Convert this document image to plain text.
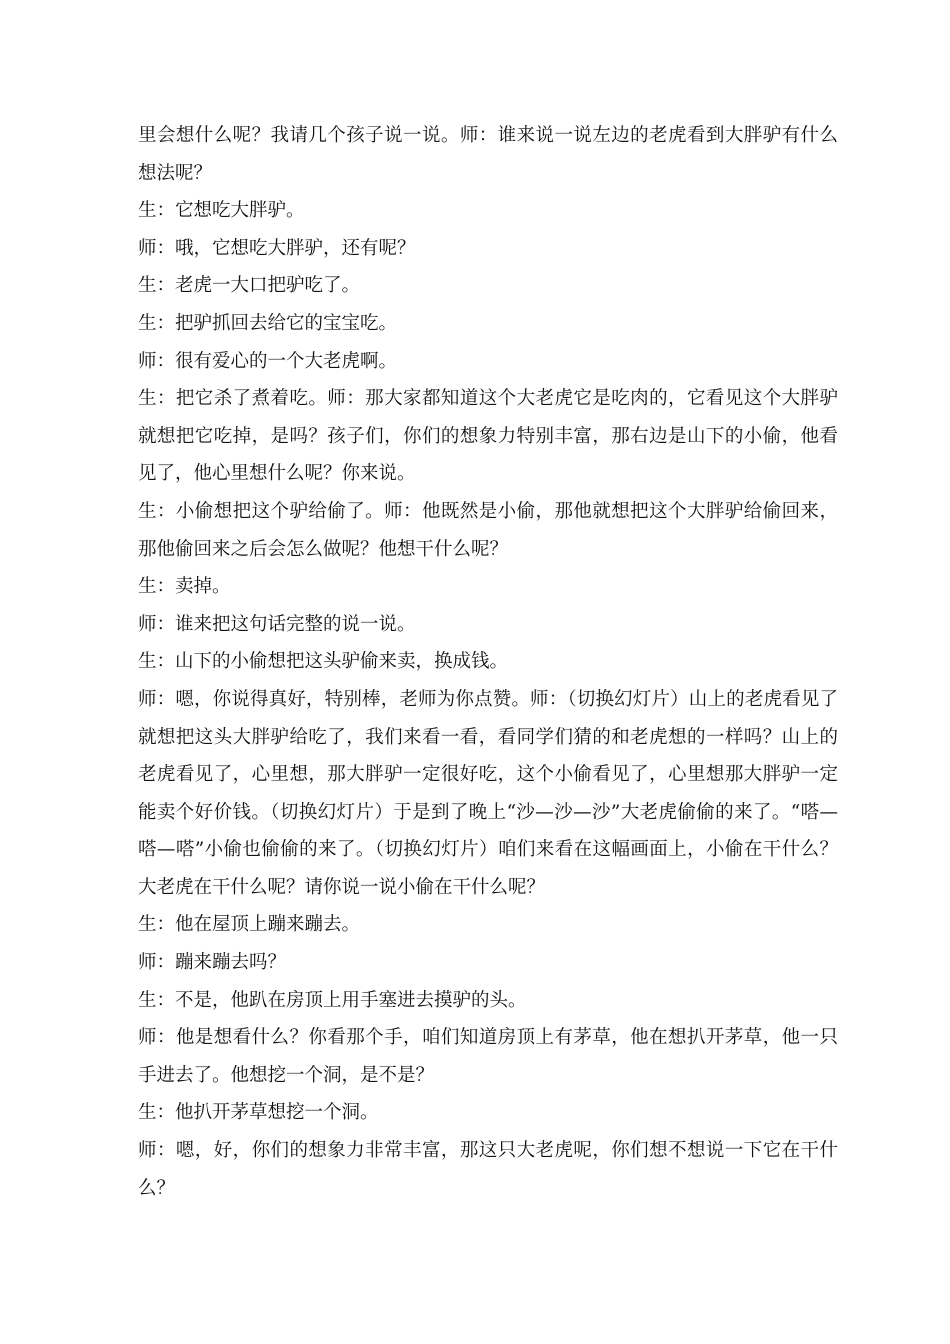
里会想什么呢？我请几个孩子说一说。师：谁来说一说左边的老虎看到大胖驴有什么想法呢？

生：它想吃大胖驴。

师：哦，它想吃大胖驴，还有呢？

生：老虎一大口把驴吃了。

生：把驴抓回去给它的宝宝吃。

师：很有爱心的一个大老虎啊。

生：把它杀了煮着吃。师：那大家都知道这个大老虎它是吃肉的，它看见这个大胖驴就想把它吃掉，是吗？孩子们，你们的想象力特别丰富，那右边是山下的小偷，他看见了，他心里想什么呢？你来说。

生：小偷想把这个驴给偷了。师：他既然是小偷，那他就想把这个大胖驴给偷回来，那他偷回来之后会怎么做呢？他想干什么呢？

生：卖掉。

师：谁来把这句话完整的说一说。

生：山下的小偷想把这头驴偷来卖，换成钱。

师：嗯，你说得真好，特别棒，老师为你点赞。师：（切换幻灯片）山上的老虎看见了就想把这头大胖驴给吃了，我们来看一看，看同学们猜的和老虎想的一样吗？山上的老虎看见了，心里想，那大胖驴一定很好吃，这个小偷看见了，心里想那大胖驴一定能卖个好价钱。（切换幻灯片）于是到了晚上“沙—沙—沙”大老虎偷偷的来了。“嗒—嗒—嗒”小偷也偷偷的来了。（切换幻灯片）咱们来看在这幅画面上，小偷在干什么？大老虎在干什么呢？请你说一说小偷在干什么呢？

生：他在屋顶上蹦来蹦去。

师：蹦来蹦去吗？

生：不是，他趴在房顶上用手塞进去摸驴的头。

师：他是想看什么？你看那个手，咱们知道房顶上有茅草，他在想扒开茅草，他一只手进去了。他想挖一个洞，是不是？

生：他扒开茅草想挖一个洞。

师：嗯，好，你们的想象力非常丰富，那这只大老虎呢，你们想不想说一下它在干什么？
